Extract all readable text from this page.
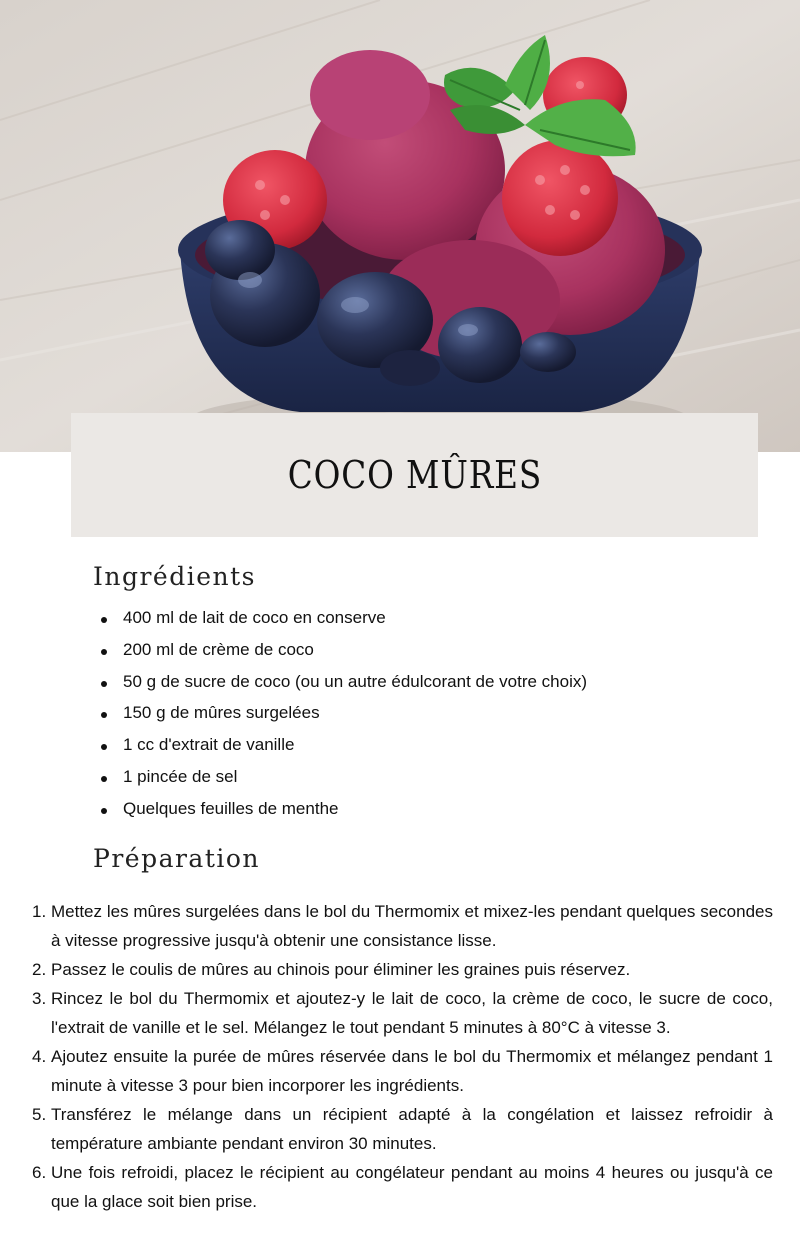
COCO MÛRES
Ingrédients
400 ml de lait de coco en conserve
200 ml de crème de coco
50 g de sucre de coco (ou un autre édulcorant de votre choix)
150 g de mûres surgelées
1 cc d'extrait de vanille
1 pincée de sel
Quelques feuilles de menthe
Préparation
1. Mettez les mûres surgelées dans le bol du Thermomix et mixez-les pendant quelques secondes à vitesse progressive jusqu'à obtenir une consistance lisse.
2. Passez le coulis de mûres au chinois pour éliminer les graines puis réservez.
3. Rincez le bol du Thermomix et ajoutez-y le lait de coco, la crème de coco, le sucre de coco, l'extrait de vanille et le sel. Mélangez le tout pendant 5 minutes à 80°C à vitesse 3.
4. Ajoutez ensuite la purée de mûres réservée dans le bol du Thermomix et mélangez pendant 1 minute à vitesse 3 pour bien incorporer les ingrédients.
5. Transférez le mélange dans un récipient adapté à la congélation et laissez refroidir à température ambiante pendant environ 30 minutes.
6. Une fois refroidi, placez le récipient au congélateur pendant au moins 4 heures ou jusqu'à ce que la glace soit bien prise.
